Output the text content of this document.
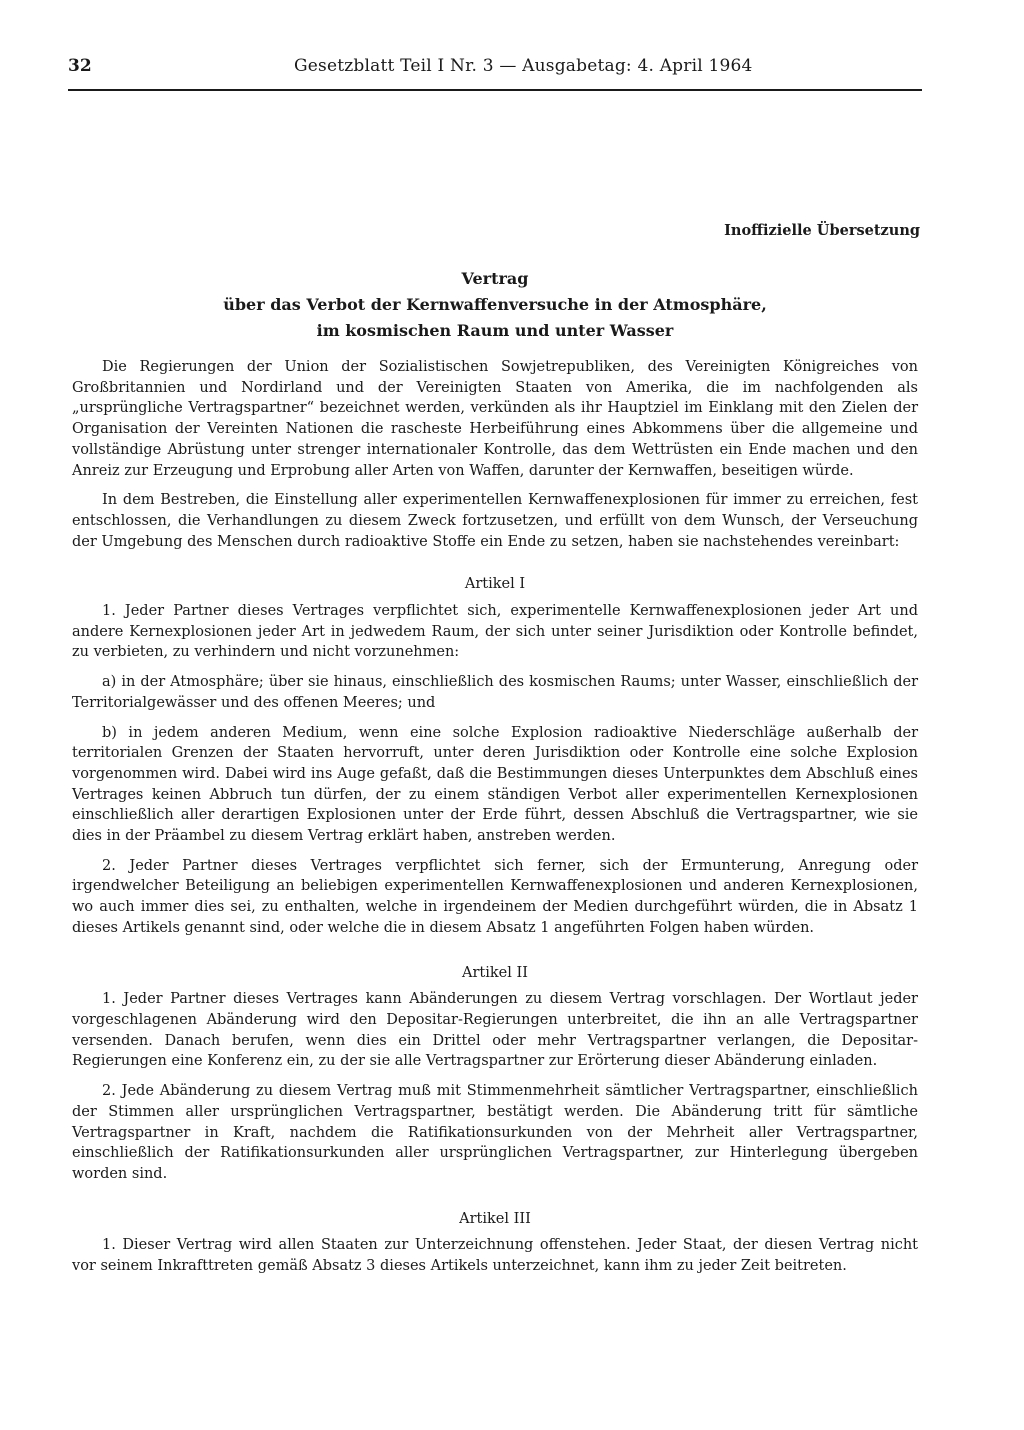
32	Gesetzblatt Teil I Nr. 3 — Ausgabetag: 4. April 1964
Inoffizielle Übersetzung
Vertrag
über das Verbot der Kernwaffenversuche in der Atmosphäre,
im kosmischen Raum und unter Wasser

Die Regierungen der Union der Sozialistischen Sowjetrepubliken, des Vereinigten Königreiches von Großbritannien und Nordirland und der Vereinigten Staaten von Amerika, die im nachfolgenden als „ursprüngliche Vertragspartner“ bezeichnet werden, verkünden als ihr Hauptziel im Einklang mit den Zielen der Organisation der Vereinten Nationen die rascheste Herbeiführung eines Abkommens über die allgemeine und vollständige Abrüstung unter strenger internationaler Kontrolle, das dem Wettrüsten ein Ende machen und den Anreiz zur Erzeugung und Erprobung aller Arten von Waffen, darunter der Kernwaffen, beseitigen würde.

In dem Bestreben, die Einstellung aller experimentellen Kernwaffenexplosionen für immer zu erreichen, fest entschlossen, die Verhandlungen zu diesem Zweck fortzusetzen, und erfüllt von dem Wunsch, der Verseuchung der Umgebung des Menschen durch radioaktive Stoffe ein Ende zu setzen, haben sie nachstehendes vereinbart:

Artikel I

1. Jeder Partner dieses Vertrages verpflichtet sich, experimentelle Kernwaffenexplosionen jeder Art und andere Kernexplosionen jeder Art in jedwedem Raum, der sich unter seiner Jurisdiktion oder Kontrolle befindet, zu verbieten, zu verhindern und nicht vorzunehmen:

a) in der Atmosphäre; über sie hinaus, einschließlich des kosmischen Raums; unter Wasser, einschließlich der Territorialgewässer und des offenen Meeres; und

b) in jedem anderen Medium, wenn eine solche Explosion radioaktive Niederschläge außerhalb der territorialen Grenzen der Staaten hervorruft, unter deren Jurisdiktion oder Kontrolle eine solche Explosion vorgenommen wird. Dabei wird ins Auge gefaßt, daß die Bestimmungen dieses Unterpunktes dem Abschluß eines Vertrages keinen Abbruch tun dürfen, der zu einem ständigen Verbot aller experimentellen Kernexplosionen einschließlich aller derartigen Explosionen unter der Erde führt, dessen Abschluß die Vertragspartner, wie sie dies in der Präambel zu diesem Vertrag erklärt haben, anstreben werden.

2. Jeder Partner dieses Vertrages verpflichtet sich ferner, sich der Ermunterung, Anregung oder irgendwelcher Beteiligung an beliebigen experimentellen Kernwaffenexplosionen und anderen Kernexplosionen, wo auch immer dies sei, zu enthalten, welche in irgendeinem der Medien durchgeführt würden, die in Absatz 1 dieses Artikels genannt sind, oder welche die in diesem Absatz 1 angeführten Folgen haben würden.

Artikel II

1. Jeder Partner dieses Vertrages kann Abänderungen zu diesem Vertrag vorschlagen. Der Wortlaut jeder vorgeschlagenen Abänderung wird den Depositar-Regierungen unterbreitet, die ihn an alle Vertragspartner versenden. Danach berufen, wenn dies ein Drittel oder mehr Vertragspartner verlangen, die Depositar-Regierungen eine Konferenz ein, zu der sie alle Vertragspartner zur Erörterung dieser Abänderung einladen.

2. Jede Abänderung zu diesem Vertrag muß mit Stimmenmehrheit sämtlicher Vertragspartner, einschließlich der Stimmen aller ursprünglichen Vertragspartner, bestätigt werden. Die Abänderung tritt für sämtliche Vertragspartner in Kraft, nachdem die Ratifikationsurkunden von der Mehrheit aller Vertragspartner, einschließlich der Ratifikationsurkunden aller ursprünglichen Vertragspartner, zur Hinterlegung übergeben worden sind.

Artikel III

1. Dieser Vertrag wird allen Staaten zur Unterzeichnung offenstehen. Jeder Staat, der diesen Vertrag nicht vor seinem Inkrafttreten gemäß Absatz 3 dieses Artikels unterzeichnet, kann ihm zu jeder Zeit beitreten.
